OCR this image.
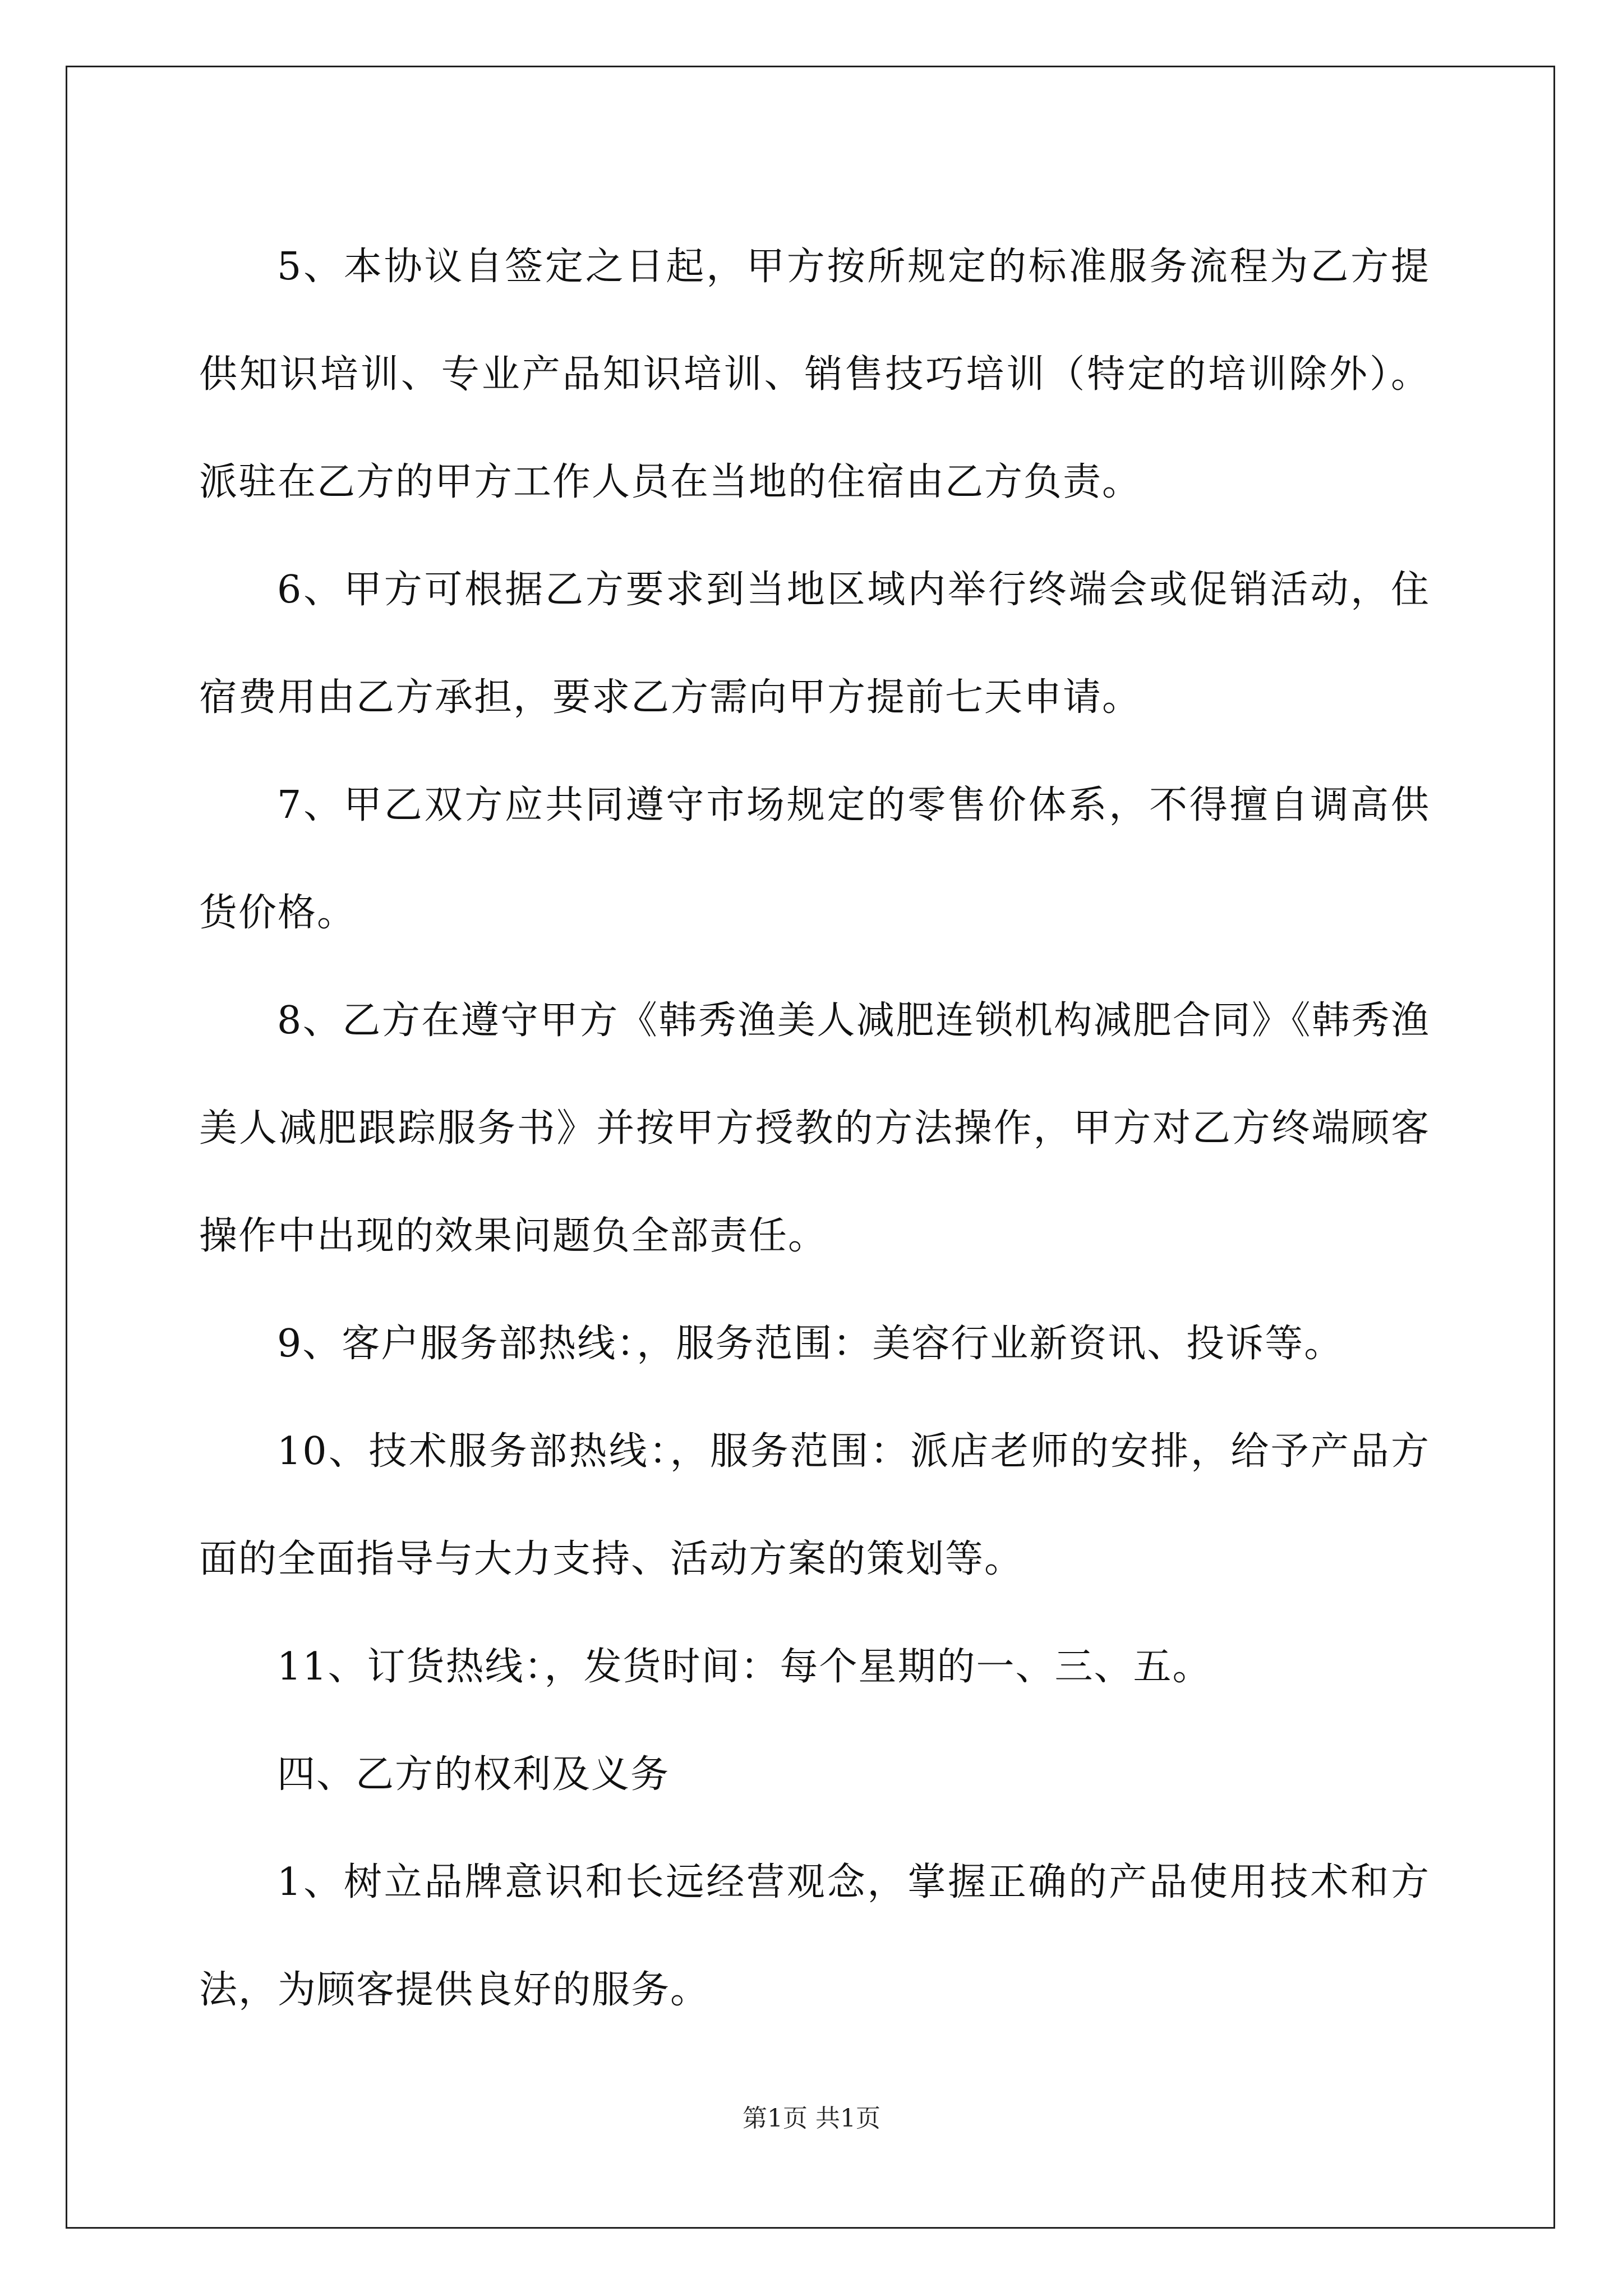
5、本协议自签定之日起，甲方按所规定的标准服务流程为乙方提供知识培训、专业产品知识培训、销售技巧培训（特定的培训除外）。派驻在乙方的甲方工作人员在当地的住宿由乙方负责。

6、甲方可根据乙方要求到当地区域内举行终端会或促销活动，住宿费用由乙方承担，要求乙方需向甲方提前七天申请。

7、甲乙双方应共同遵守市场规定的零售价体系，不得擅自调高供货价格。

8、乙方在遵守甲方《韩秀渔美人减肥连锁机构减肥合同》《韩秀渔美人减肥跟踪服务书》并按甲方授教的方法操作，甲方对乙方终端顾客操作中出现的效果问题负全部责任。

9、客户服务部热线：，服务范围：美容行业新资讯、投诉等。

10、技术服务部热线：，服务范围：派店老师的安排，给予产品方面的全面指导与大力支持、活动方案的策划等。

11、订货热线：，发货时间：每个星期的一、三、五。

四、乙方的权利及义务

1、树立品牌意识和长远经营观念，掌握正确的产品使用技术和方法，为顾客提供良好的服务。

第1页 共1页
